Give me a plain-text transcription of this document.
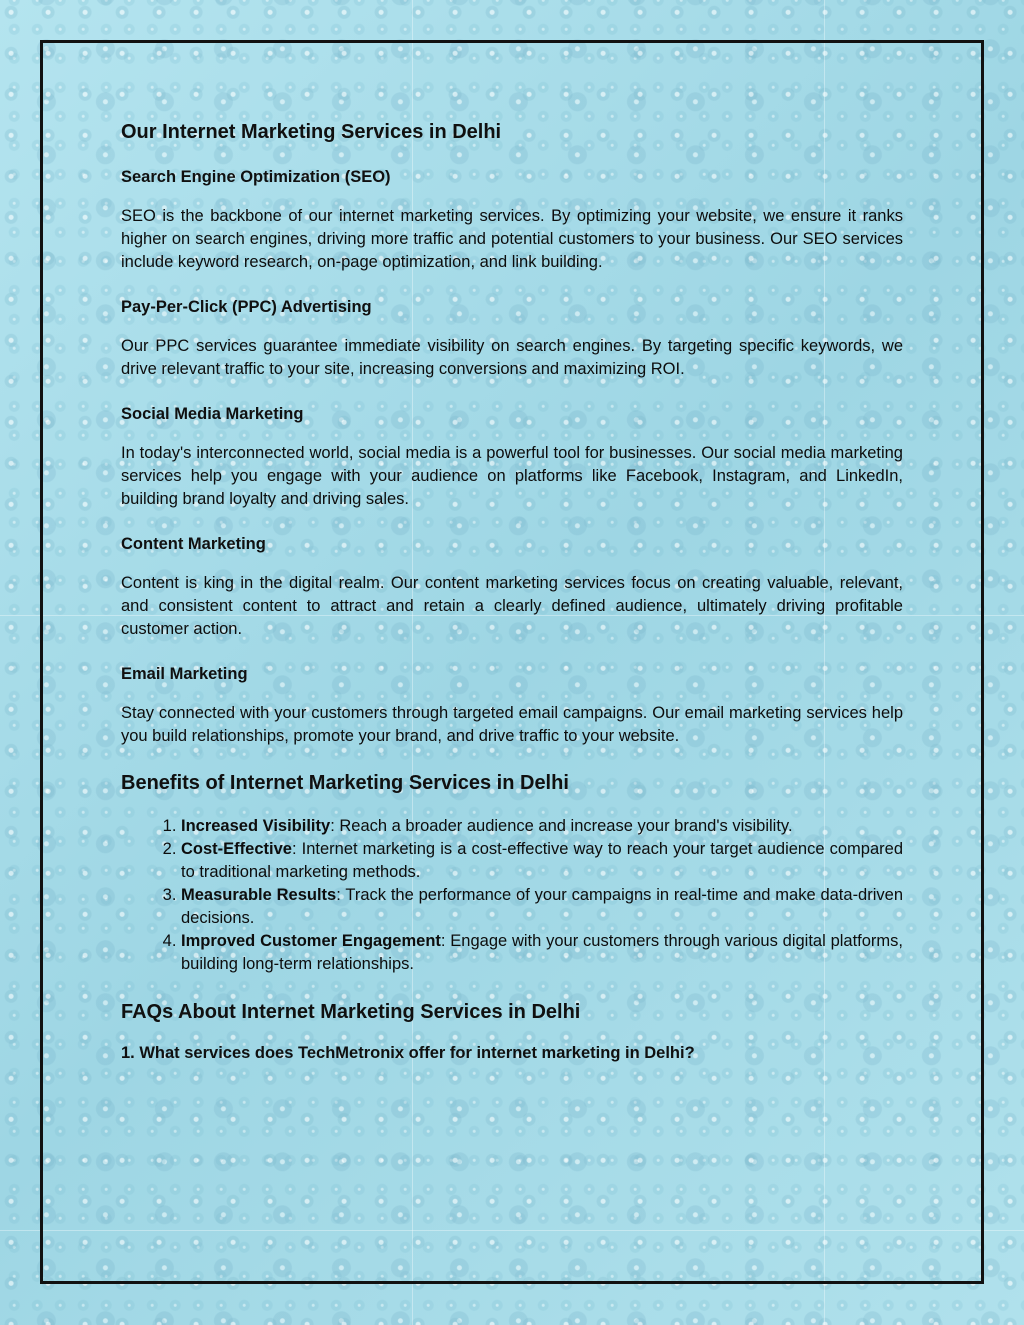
Our Internet Marketing Services in Delhi
Search Engine Optimization (SEO)

SEO is the backbone of our internet marketing services. By optimizing your website, we ensure it ranks higher on search engines, driving more traffic and potential customers to your business. Our SEO services include keyword research, on-page optimization, and link building.

Pay-Per-Click (PPC) Advertising

Our PPC services guarantee immediate visibility on search engines. By targeting specific keywords, we drive relevant traffic to your site, increasing conversions and maximizing ROI.

Social Media Marketing

In today's interconnected world, social media is a powerful tool for businesses. Our social media marketing services help you engage with your audience on platforms like Facebook, Instagram, and LinkedIn, building brand loyalty and driving sales.

Content Marketing

Content is king in the digital realm. Our content marketing services focus on creating valuable, relevant, and consistent content to attract and retain a clearly defined audience, ultimately driving profitable customer action.

Email Marketing

Stay connected with your customers through targeted email campaigns. Our email marketing services help you build relationships, promote your brand, and drive traffic to your website.

Benefits of Internet Marketing Services in Delhi
1. Increased Visibility: Reach a broader audience and increase your brand's visibility.
2. Cost-Effective: Internet marketing is a cost-effective way to reach your target audience compared to traditional marketing methods.
3. Measurable Results: Track the performance of your campaigns in real-time and make data-driven decisions.
4. Improved Customer Engagement: Engage with your customers through various digital platforms, building long-term relationships.
FAQs About Internet Marketing Services in Delhi
1. What services does TechMetronix offer for internet marketing in Delhi?
